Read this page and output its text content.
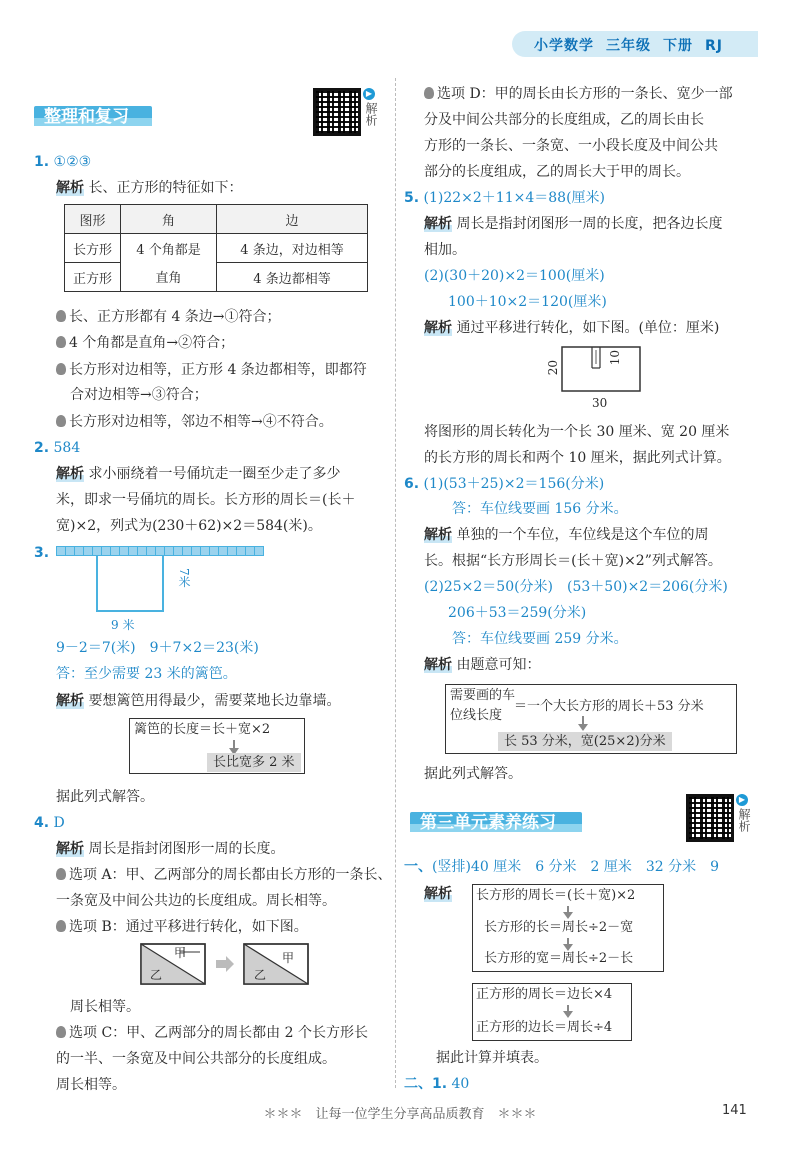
小学数学 三年级 下册 RJ
整理和复习
▶
解析
1. ①②③
解析 长、正方形的特征如下：
图形	角	边
长方形	4 个角都是	4 条边，对边相等
正方形	直角	4 条边都相等
长、正方形都有 4 条边→①符合；
4 个角都是直角→②符合；
长方形对边相等，正方形 4 条边都相等，即都符
合对边相等→③符合；
长方形对边相等，邻边不相等→④不符合。
2. 584
解析 求小丽绕着一号俑坑走一圈至少走了多少
米，即求一号俑坑的周长。长方形的周长＝(长＋
宽)×2，列式为(230＋62)×2＝584(米)。
3.
7米
9 米
9－2＝7(米)　9＋7×2＝23(米)
答：至少需要 23 米的篱笆。
解析 要想篱笆用得最少，需要菜地长边靠墙。
篱笆的长度＝长＋宽×2
长比宽多 2 米
据此列式解答。
4. D
解析 周长是指封闭图形一周的长度。
选项 A：甲、乙两部分的周长都由长方形的一条长、
一条宽及中间公共边的长度组成。周长相等。
选项 B：通过平移进行转化，如下图。
甲
乙
甲
乙
周长相等。
选项 C：甲、乙两部分的周长都由 2 个长方形长
的一半、一条宽及中间公共部分的长度组成。
周长相等。
选项 D：甲的周长由长方形的一条长、宽少一部
分及中间公共部分的长度组成，乙的周长由长
方形的一条长、一条宽、一小段长度及中间公共
部分的长度组成，乙的周长大于甲的周长。
5. (1)22×2＋11×4＝88(厘米)
解析 周长是指封闭图形一周的长度，把各边长度
相加。
(2)(30＋20)×2＝100(厘米)
100＋10×2＝120(厘米)
解析 通过平移进行转化，如下图。(单位：厘米)
20
10
30
将图形的周长转化为一个长 30 厘米、宽 20 厘米
的长方形的周长和两个 10 厘米，据此列式计算。
6. (1)(53＋25)×2＝156(分米)
答：车位线要画 156 分米。
解析 单独的一个车位，车位线是这个车位的周
长。根据“长方形周长＝(长＋宽)×2”列式解答。
(2)25×2＝50(分米)　(53＋50)×2＝206(分米)
206＋53＝259(分米)
答：车位线要画 259 分米。
解析 由题意可知：
需要画的车
位线长度
＝一个大长方形的周长＋53 分米
长 53 分米，宽(25×2)分米
据此列式解答。
第三单元素养练习
▶
解析
一、(竖排)40 厘米　6 分米　2 厘米　32 分米　9
解析 长方形的周长＝(长＋宽)×2
长方形的长＝周长÷2－宽
长方形的宽＝周长÷2－长
正方形的周长＝边长×4
正方形的边长＝周长÷4
据此计算并填表。
二、1. 40
＊＊＊　让每一位学生分享高品质教育　＊＊＊	141
